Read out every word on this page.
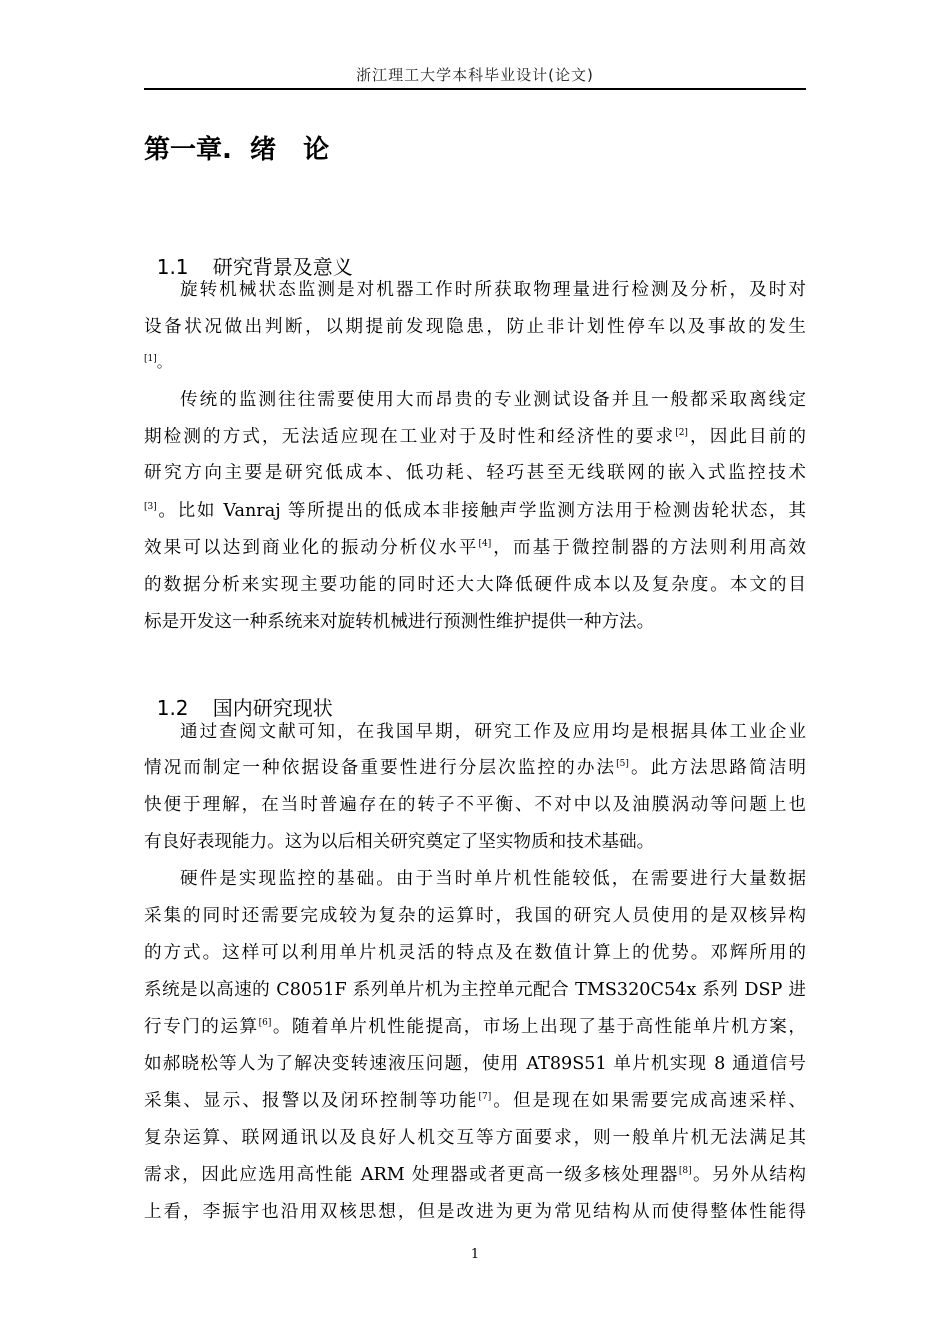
浙江理工大学本科毕业设计(论文)
第一章.  绪   论

1.1 研究背景及意义

旋转机械状态监测是对机器工作时所获取物理量进行检测及分析，及时对
设备状况做出判断，以期提前发现隐患，防止非计划性停车以及事故的发生
[1]。
传统的监测往往需要使用大而昂贵的专业测试设备并且一般都采取离线定
期检测的方式，无法适应现在工业对于及时性和经济性的要求[2]，因此目前的
研究方向主要是研究低成本、低功耗、轻巧甚至无线联网的嵌入式监控技术
[3]。比如 Vanraj 等所提出的低成本非接触声学监测方法用于检测齿轮状态，其
效果可以达到商业化的振动分析仪水平[4]，而基于微控制器的方法则利用高效
的数据分析来实现主要功能的同时还大大降低硬件成本以及复杂度。本文的目
标是开发这一种系统来对旋转机械进行预测性维护提供一种方法。

1.2 国内研究现状

通过查阅文献可知，在我国早期，研究工作及应用均是根据具体工业企业
情况而制定一种依据设备重要性进行分层次监控的办法[5]。此方法思路简洁明
快便于理解，在当时普遍存在的转子不平衡、不对中以及油膜涡动等问题上也
有良好表现能力。这为以后相关研究奠定了坚实物质和技术基础。
硬件是实现监控的基础。由于当时单片机性能较低，在需要进行大量数据
采集的同时还需要完成较为复杂的运算时，我国的研究人员使用的是双核异构
的方式。这样可以利用单片机灵活的特点及在数值计算上的优势。邓辉所用的
系统是以高速的 C8051F 系列单片机为主控单元配合 TMS320C54x 系列 DSP 进
行专门的运算[6]。随着单片机性能提高，市场上出现了基于高性能单片机方案，
如郝晓松等人为了解决变转速液压问题，使用 AT89S51 单片机实现 8 通道信号
采集、显示、报警以及闭环控制等功能[7]。但是现在如果需要完成高速采样、
复杂运算、联网通讯以及良好人机交互等方面要求，则一般单片机无法满足其
需求，因此应选用高性能 ARM 处理器或者更高一级多核处理器[8]。另外从结构
上看，李振宇也沿用双核思想，但是改进为更为常见结构从而使得整体性能得
1
